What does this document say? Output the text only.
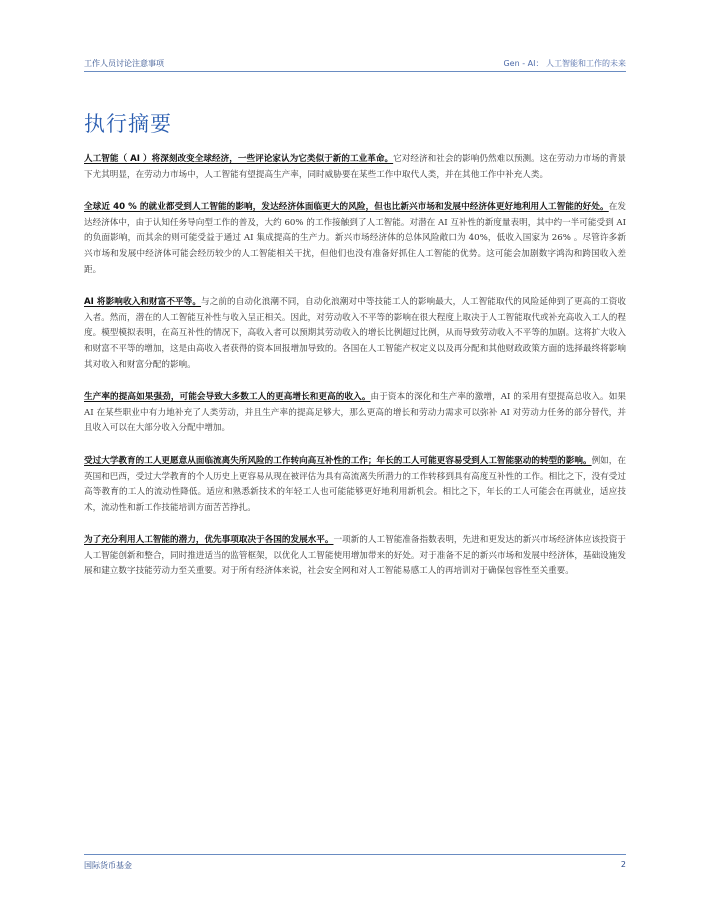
工作人员讨论注意事项	Gen - AI： 人工智能和工作的未来
执行摘要

人工智能（ AI ）将深刻改变全球经济，一些评论家认为它类似于新的工业革命。它对经济和社会的影响仍然难以预测。这在劳动力市场的背景下尤其明显，在劳动力市场中，人工智能有望提高生产率，同时威胁要在某些工作中取代人类，并在其他工作中补充人类。

全球近 40 % 的就业都受到人工智能的影响，发达经济体面临更大的风险，但也比新兴市场和发展中经济体更好地利用人工智能的好处。在发达经济体中，由于认知任务导向型工作的普及，大约 60% 的工作接触到了人工智能。对潜在 AI 互补性的新度量表明，其中约一半可能受到 AI 的负面影响，而其余的则可能受益于通过 AI 集成提高的生产力。新兴市场经济体的总体风险敞口为 40%，低收入国家为 26% 。尽管许多新兴市场和发展中经济体可能会经历较少的人工智能相关干扰，但他们也没有准备好抓住人工智能的优势。这可能会加剧数字鸿沟和跨国收入差距。

AI 将影响收入和财富不平等。与之前的自动化浪潮不同，自动化浪潮对中等技能工人的影响最大，人工智能取代的风险延伸到了更高的工资收入者。然而，潜在的人工智能互补性与收入呈正相关。因此，对劳动收入不平等的影响在很大程度上取决于人工智能取代或补充高收入工人的程度。模型模拟表明，在高互补性的情况下，高收入者可以预期其劳动收入的增长比例超过比例，从而导致劳动收入不平等的加剧。这将扩大收入和财富不平等的增加，这是由高收入者获得的资本回报增加导致的。各国在人工智能产权定义以及再分配和其他财政政策方面的选择最终将影响其对收入和财富分配的影响。

生产率的提高如果强劲，可能会导致大多数工人的更高增长和更高的收入。由于资本的深化和生产率的激增，AI 的采用有望提高总收入。如果 AI 在某些职业中有力地补充了人类劳动，并且生产率的提高足够大，那么更高的增长和劳动力需求可以弥补 AI 对劳动力任务的部分替代，并且收入可以在大部分收入分配中增加。

受过大学教育的工人更愿意从面临流离失所风险的工作转向高互补性的工作；年长的工人可能更容易受到人工智能驱动的转型的影响。例如，在英国和巴西，受过大学教育的个人历史上更容易从现在被评估为具有高流离失所潜力的工作转移到具有高度互补性的工作。相比之下，没有受过高等教育的工人的流动性降低。适应和熟悉新技术的年轻工人也可能能够更好地利用新机会。相比之下，年长的工人可能会在再就业，适应技术，流动性和新工作技能培训方面苦苦挣扎。

为了充分利用人工智能的潜力，优先事项取决于各国的发展水平。一项新的人工智能准备指数表明，先进和更发达的新兴市场经济体应该投资于人工智能创新和整合，同时推进适当的监管框架，以优化人工智能使用增加带来的好处。对于准备不足的新兴市场和发展中经济体，基础设施发展和建立数字技能劳动力至关重要。对于所有经济体来说，社会安全网和对人工智能易感工人的再培训对于确保包容性至关重要。

国际货币基金	2
